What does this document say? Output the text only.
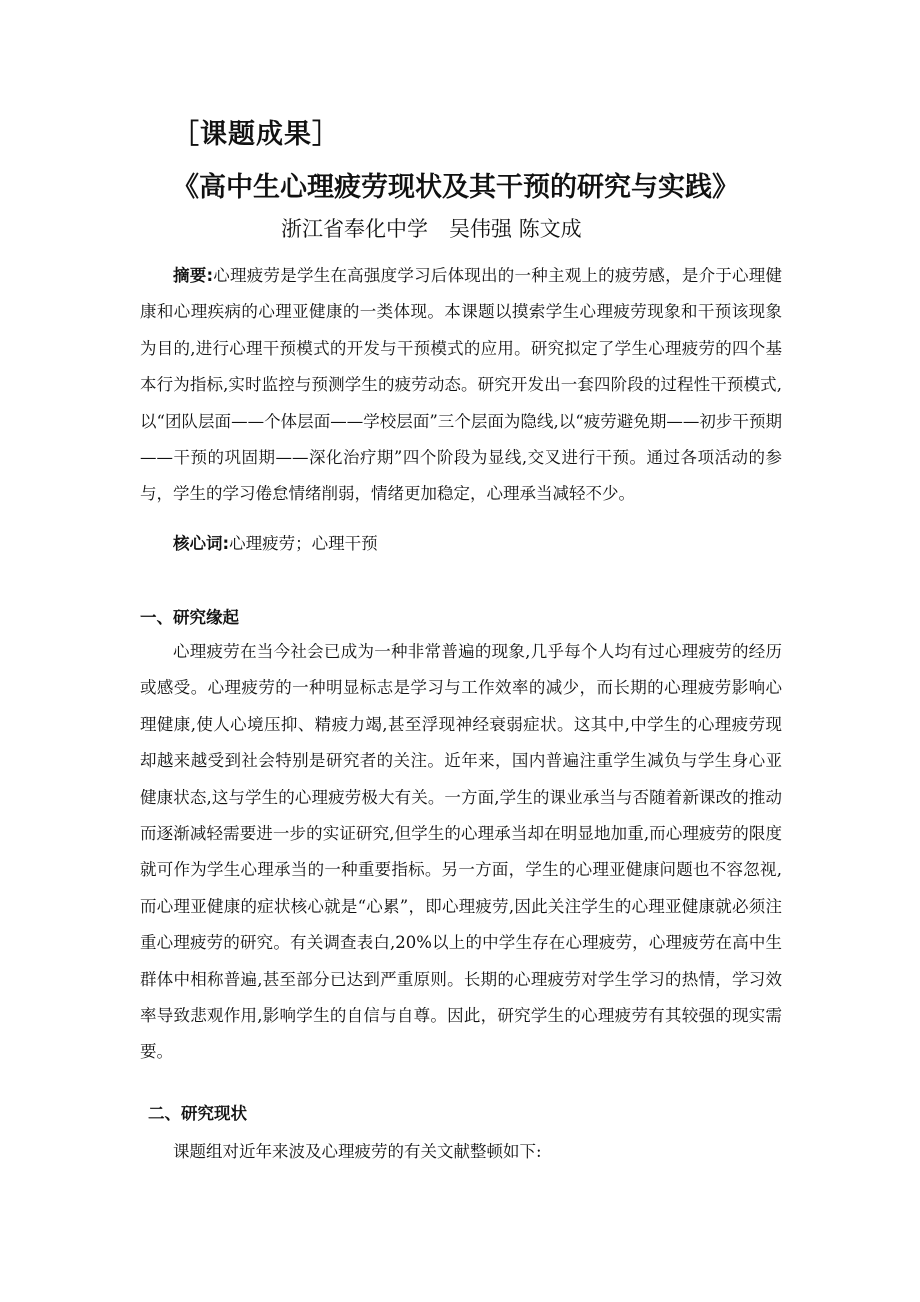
［课题成果］
《高中生心理疲劳现状及其干预的研究与实践》
浙江省奉化中学　吴伟强 陈文成

摘要:心理疲劳是学生在高强度学习后体现出的一种主观上的疲劳感，是介于心理健康和心理疾病的心理亚健康的一类体现。本课题以摸索学生心理疲劳现象和干预该现象为目的,进行心理干预模式的开发与干预模式的应用。研究拟定了学生心理疲劳的四个基本行为指标,实时监控与预测学生的疲劳动态。研究开发出一套四阶段的过程性干预模式,以“团队层面——个体层面——学校层面”三个层面为隐线,以“疲劳避免期——初步干预期——干预的巩固期——深化治疗期”四个阶段为显线,交叉进行干预。通过各项活动的参与，学生的学习倦怠情绪削弱，情绪更加稳定，心理承当减轻不少。

核心词:心理疲劳；心理干预
一、研究缘起

心理疲劳在当今社会已成为一种非常普遍的现象,几乎每个人均有过心理疲劳的经历或感受。心理疲劳的一种明显标志是学习与工作效率的减少，而长期的心理疲劳影响心理健康,使人心境压抑、精疲力竭,甚至浮现神经衰弱症状。这其中,中学生的心理疲劳现却越来越受到社会特别是研究者的关注。近年来，国内普遍注重学生减负与学生身心亚健康状态,这与学生的心理疲劳极大有关。一方面,学生的课业承当与否随着新课改的推动而逐渐减轻需要进一步的实证研究,但学生的心理承当却在明显地加重,而心理疲劳的限度就可作为学生心理承当的一种重要指标。另一方面，学生的心理亚健康问题也不容忽视,而心理亚健康的症状核心就是“心累”，即心理疲劳,因此关注学生的心理亚健康就必须注重心理疲劳的研究。有关调查表白,20%以上的中学生存在心理疲劳，心理疲劳在高中生群体中相称普遍,甚至部分已达到严重原则。长期的心理疲劳对学生学习的热情，学习效率导致悲观作用,影响学生的自信与自尊。因此，研究学生的心理疲劳有其较强的现实需要。

二、研究现状
课题组对近年来波及心理疲劳的有关文献整顿如下:
